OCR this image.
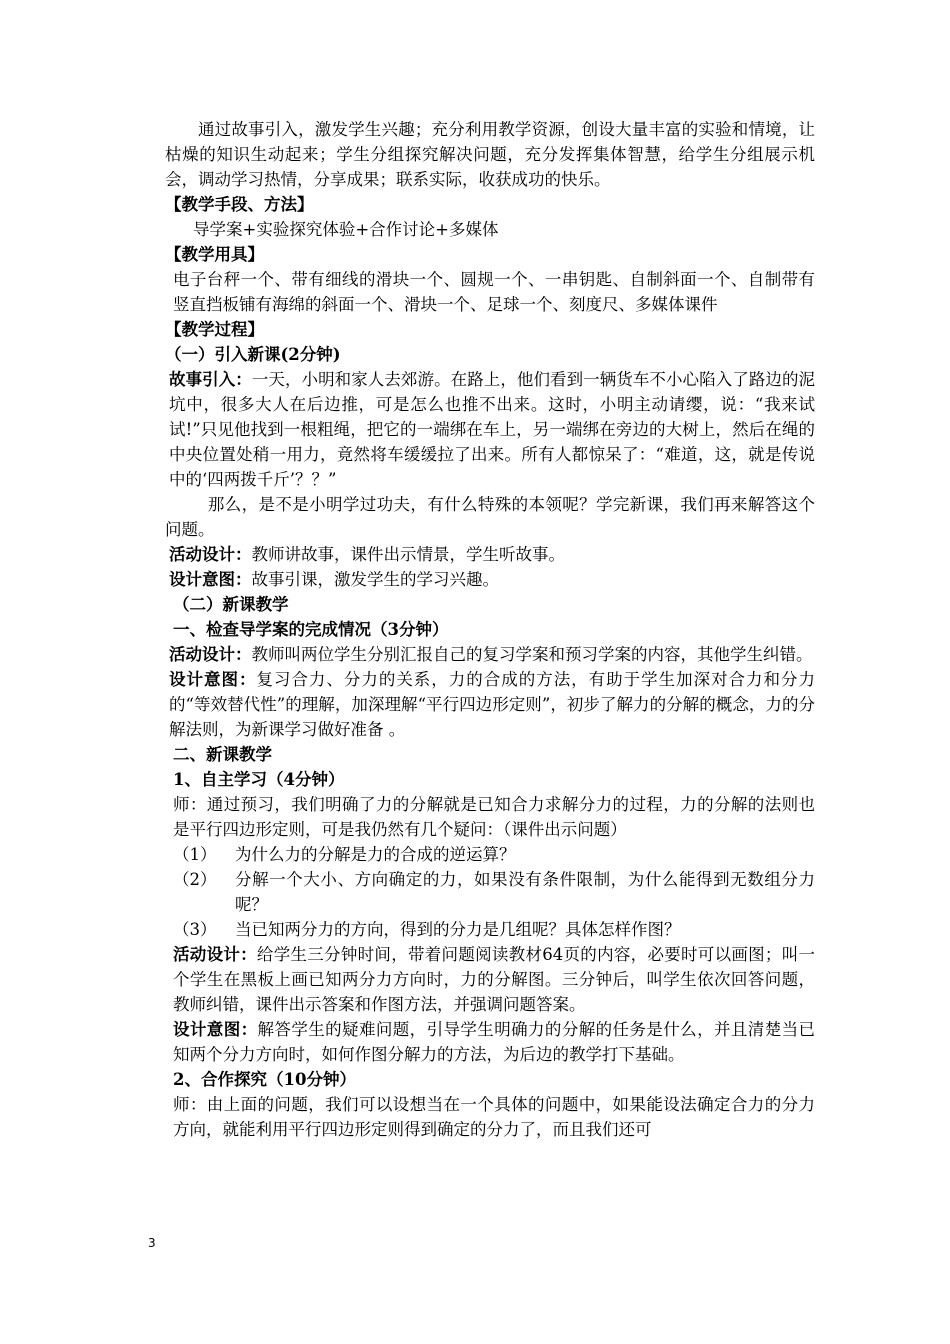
通过故事引入，激发学生兴趣；充分利用教学资源，创设大量丰富的实验和情境，让枯燥的知识生动起来；学生分组探究解决问题，充分发挥集体智慧，给学生分组展示机会，调动学习热情，分享成果；联系实际，收获成功的快乐。

【教学手段、方法】

导学案+实验探究体验+合作讨论+多媒体

【教学用具】

电子台秤一个、带有细线的滑块一个、圆规一个、一串钥匙、自制斜面一个、自制带有竖直挡板铺有海绵的斜面一个、滑块一个、足球一个、刻度尺、多媒体课件

【教学过程】

（一）引入新课(2分钟)

故事引入：一天，小明和家人去郊游。在路上，他们看到一辆货车不小心陷入了路边的泥坑中，很多大人在后边推，可是怎么也推不出来。这时，小明主动请缨，说：“我来试试!”只见他找到一根粗绳，把它的一端绑在车上，另一端绑在旁边的大树上，然后在绳的中央位置处稍一用力，竟然将车缓缓拉了出来。所有人都惊呆了：“难道，这，就是传说中的‘四两拨千斤’？？”

那么，是不是小明学过功夫，有什么特殊的本领呢？学完新课，我们再来解答这个问题。

活动设计：教师讲故事，课件出示情景，学生听故事。

设计意图：故事引课，激发学生的学习兴趣。

（二）新课教学

一、检查导学案的完成情况（3分钟）

活动设计：教师叫两位学生分别汇报自己的复习学案和预习学案的内容，其他学生纠错。

设计意图：复习合力、分力的关系，力的合成的方法，有助于学生加深对合力和分力的“等效替代性”的理解，加深理解“平行四边形定则”，初步了解力的分解的概念，力的分解法则，为新课学习做好准备 。

二、新课教学

1、自主学习（4分钟）

师：通过预习，我们明确了力的分解就是已知合力求解分力的过程，力的分解的法则也是平行四边形定则，可是我仍然有几个疑问：（课件出示问题）

（1）	为什么力的分解是力的合成的逆运算？
（2）	分解一个大小、方向确定的力，如果没有条件限制，为什么能得到无数组分力呢？
（3）	当已知两分力的方向，得到的分力是几组呢？具体怎样作图？

活动设计：给学生三分钟时间，带着问题阅读教材64页的内容，必要时可以画图；叫一个学生在黑板上画已知两分力方向时，力的分解图。三分钟后，叫学生依次回答问题，教师纠错，课件出示答案和作图方法，并强调问题答案。

设计意图：解答学生的疑难问题，引导学生明确力的分解的任务是什么，并且清楚当已知两个分力方向时，如何作图分解力的方法，为后边的教学打下基础。

2、合作探究（10分钟）

师：由上面的问题，我们可以设想当在一个具体的问题中，如果能设法确定合力的分力方向，就能利用平行四边形定则得到确定的分力了，而且我们还可

3
